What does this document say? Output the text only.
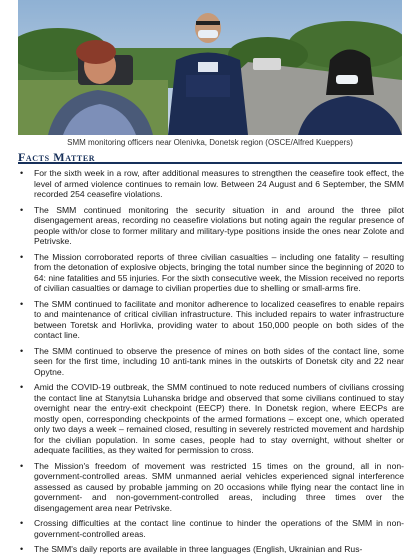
SMM monitoring officers near Olenivka, Donetsk region (OSCE/Alfred Kueppers)
Facts Matter
• For the sixth week in a row, after additional measures to strengthen the ceasefire took effect, the level of armed violence continues to remain low. Between 24 August and 6 September, the SMM recorded 254 ceasefire violations.
• The SMM continued monitoring the security situation in and around the three pilot disengagement areas, recording no ceasefire violations but noting again the regular presence of people with/or close to former military and military-type positions inside the ones near Zolote and Petrivske.
• The Mission corroborated reports of three civilian casualties – including one fatality – resulting from the detonation of explosive objects, bringing the total number since the beginning of 2020 to 64: nine fatalities and 55 injuries. For the sixth consecutive week, the Mission received no reports of civilian casualties or damage to civilian properties due to shelling or small-arms fire.
• The SMM continued to facilitate and monitor adherence to localized ceasefires to enable repairs to and maintenance of critical civilian infrastructure. This included repairs to water infrastructure between Toretsk and Horlivka, providing water to about 150,000 people on both sides of the contact line.
• The SMM continued to observe the presence of mines on both sides of the contact line, some seen for the first time, including 10 anti-tank mines in the outskirts of Donetsk city and 22 near Opytne.
• Amid the COVID-19 outbreak, the SMM continued to note reduced numbers of civilians crossing the contact line at Stanytsia Luhanska bridge and observed that some civilians continued to stay overnight near the entry-exit checkpoint (EECP) there. In Donetsk region, where EECPs are mostly open, corresponding checkpoints of the armed formations – except one, which operated only two days a week – remained closed, resulting in severely restricted movement and hardship for the civilian population. In some cases, people had to stay overnight, without shelter or adequate facilities, as they waited for permission to cross.
• The Mission's freedom of movement was restricted 15 times on the ground, all in non-government-controlled areas. SMM unmanned aerial vehicles experienced signal interference assessed as caused by probable jamming on 20 occasions while flying near the contact line in government- and non-government-controlled areas, including three times over the disengagement area near Petrivske.
• Crossing difficulties at the contact line continue to hinder the operations of the SMM in non-government-controlled areas.
• The SMM's daily reports are available in three languages (English, Ukrainian and Rus-
